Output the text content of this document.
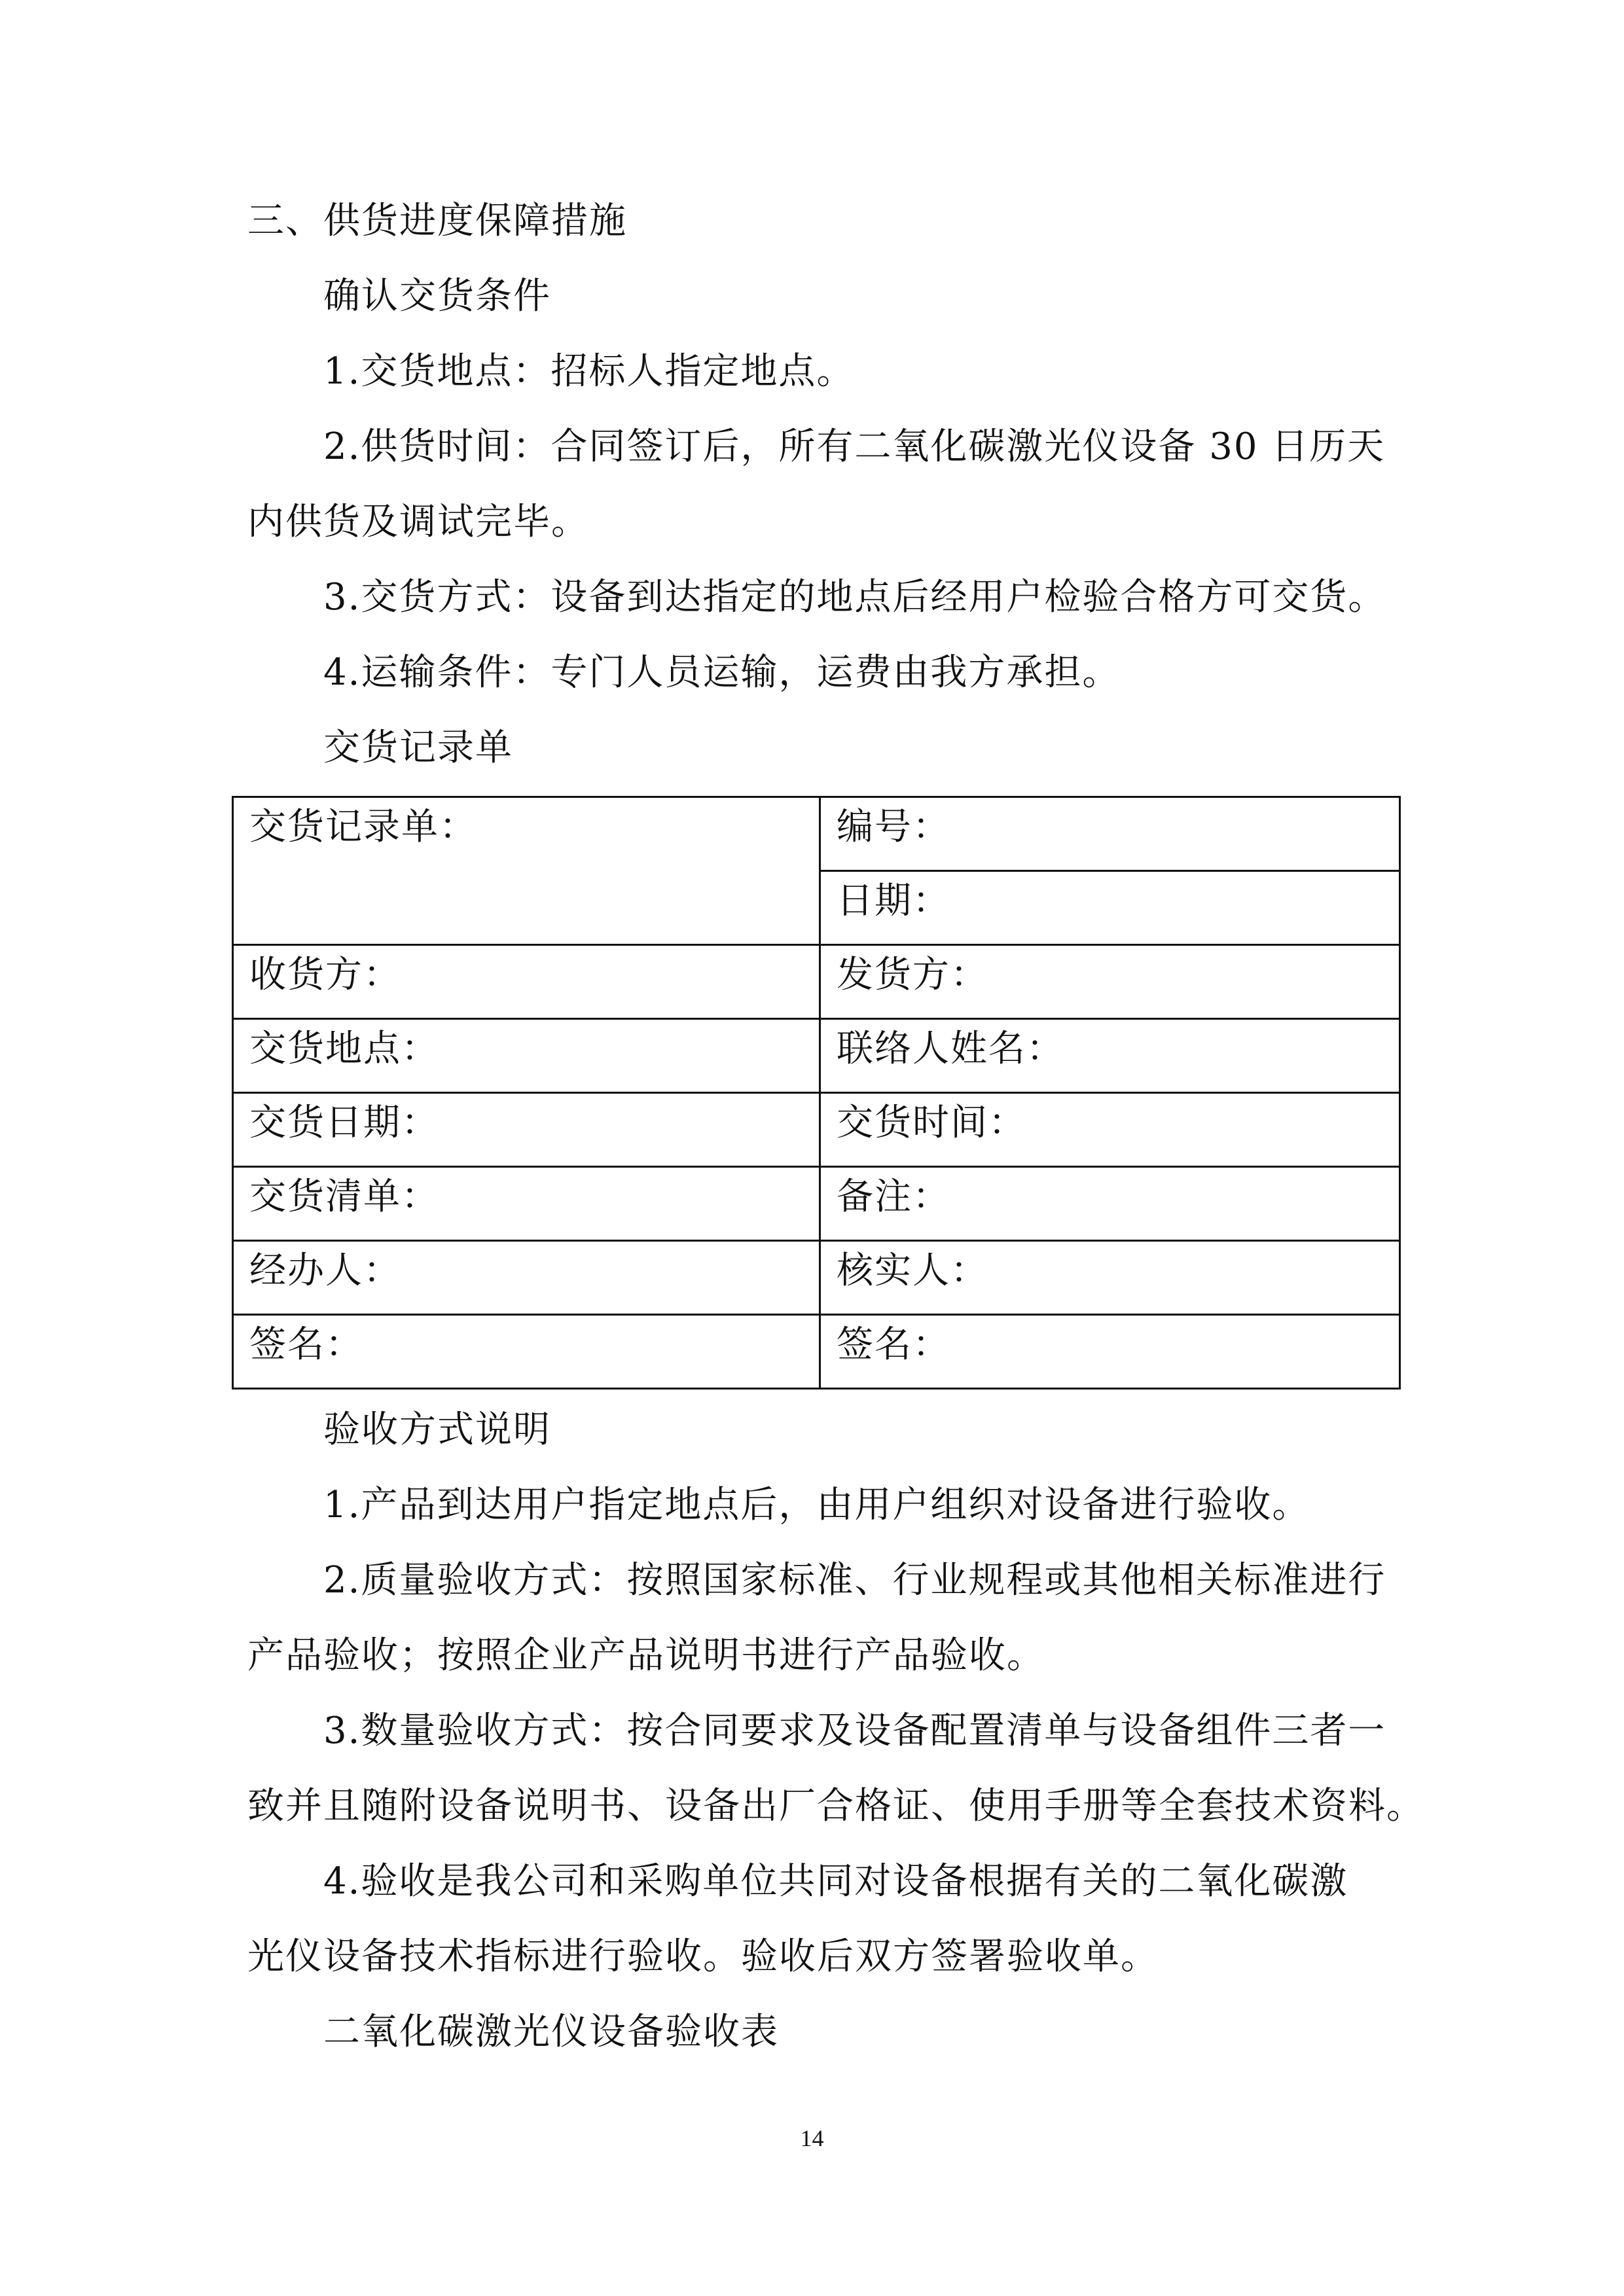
三、供货进度保障措施
确认交货条件
1.交货地点：招标人指定地点。
2.供货时间：合同签订后，所有二氧化碳激光仪设备 30 日历天
内供货及调试完毕。
3.交货方式：设备到达指定的地点后经用户检验合格方可交货。
4.运输条件：专门人员运输，运费由我方承担。
交货记录单
交货记录单：	编号：
	日期：
收货方：	发货方：
交货地点：	联络人姓名：
交货日期：	交货时间：
交货清单：	备注：
经办人：	核实人：
签名：	签名：
验收方式说明
1.产品到达用户指定地点后，由用户组织对设备进行验收。
2.质量验收方式：按照国家标准、行业规程或其他相关标准进行
产品验收；按照企业产品说明书进行产品验收。
3.数量验收方式：按合同要求及设备配置清单与设备组件三者一
致并且随附设备说明书、设备出厂合格证、使用手册等全套技术资料。
4.验收是我公司和采购单位共同对设备根据有关的二氧化碳激
光仪设备技术指标进行验收。验收后双方签署验收单。
二氧化碳激光仪设备验收表
14
